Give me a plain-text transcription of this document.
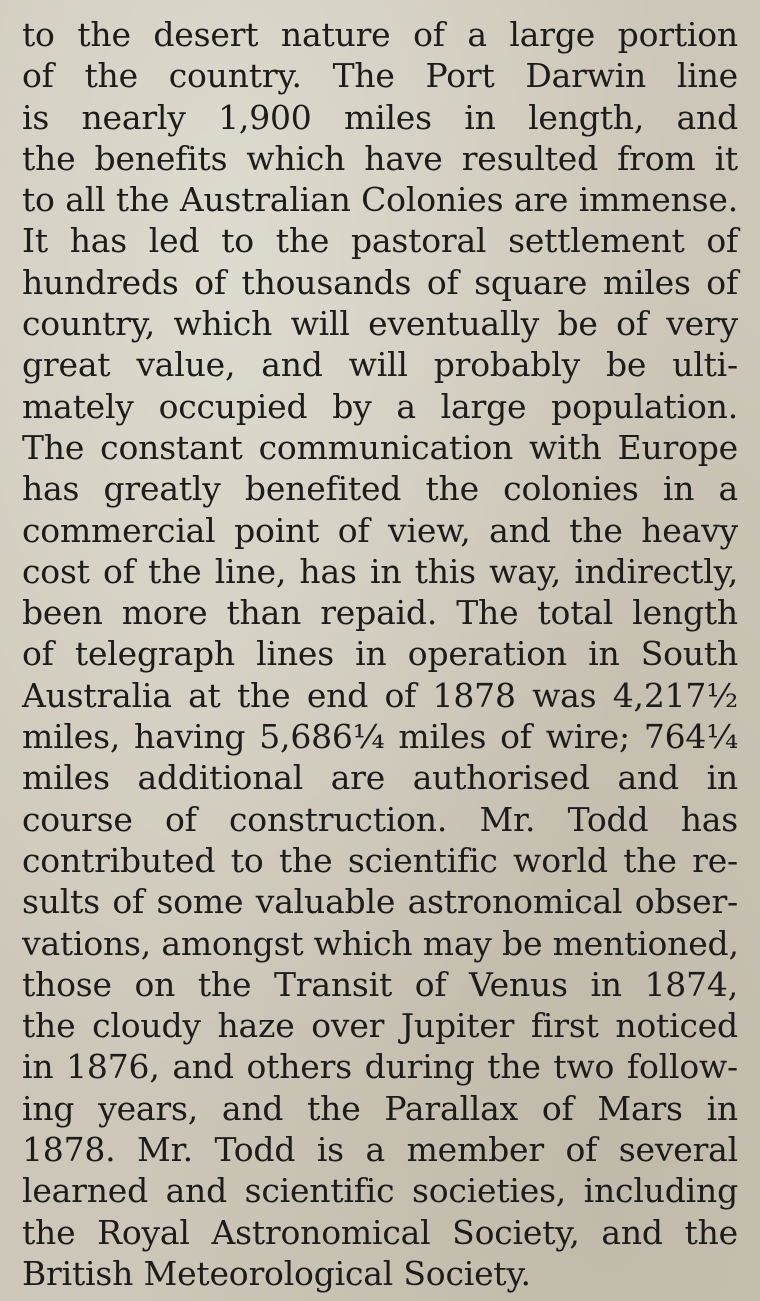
to the desert nature of a large portion
of the country. The Port Darwin line
is nearly 1,900 miles in length, and
the benefits which have resulted from it
to all the Australian Colonies are immense.
It has led to the pastoral settlement of
hundreds of thousands of square miles of
country, which will eventually be of very
great value, and will probably be ulti-
mately occupied by a large population.
The constant communication with Europe
has greatly benefited the colonies in a
commercial point of view, and the heavy
cost of the line, has in this way, indirectly,
been more than repaid. The total length
of telegraph lines in operation in South
Australia at the end of 1878 was 4,217½
miles, having 5,686¼ miles of wire; 764¼
miles additional are authorised and in
course of construction. Mr. Todd has
contributed to the scientific world the re-
sults of some valuable astronomical obser-
vations, amongst which may be mentioned,
those on the Transit of Venus in 1874,
the cloudy haze over Jupiter first noticed
in 1876, and others during the two follow-
ing years, and the Parallax of Mars in
1878. Mr. Todd is a member of several
learned and scientific societies, including
the Royal Astronomical Society, and the
British Meteorological Society.
